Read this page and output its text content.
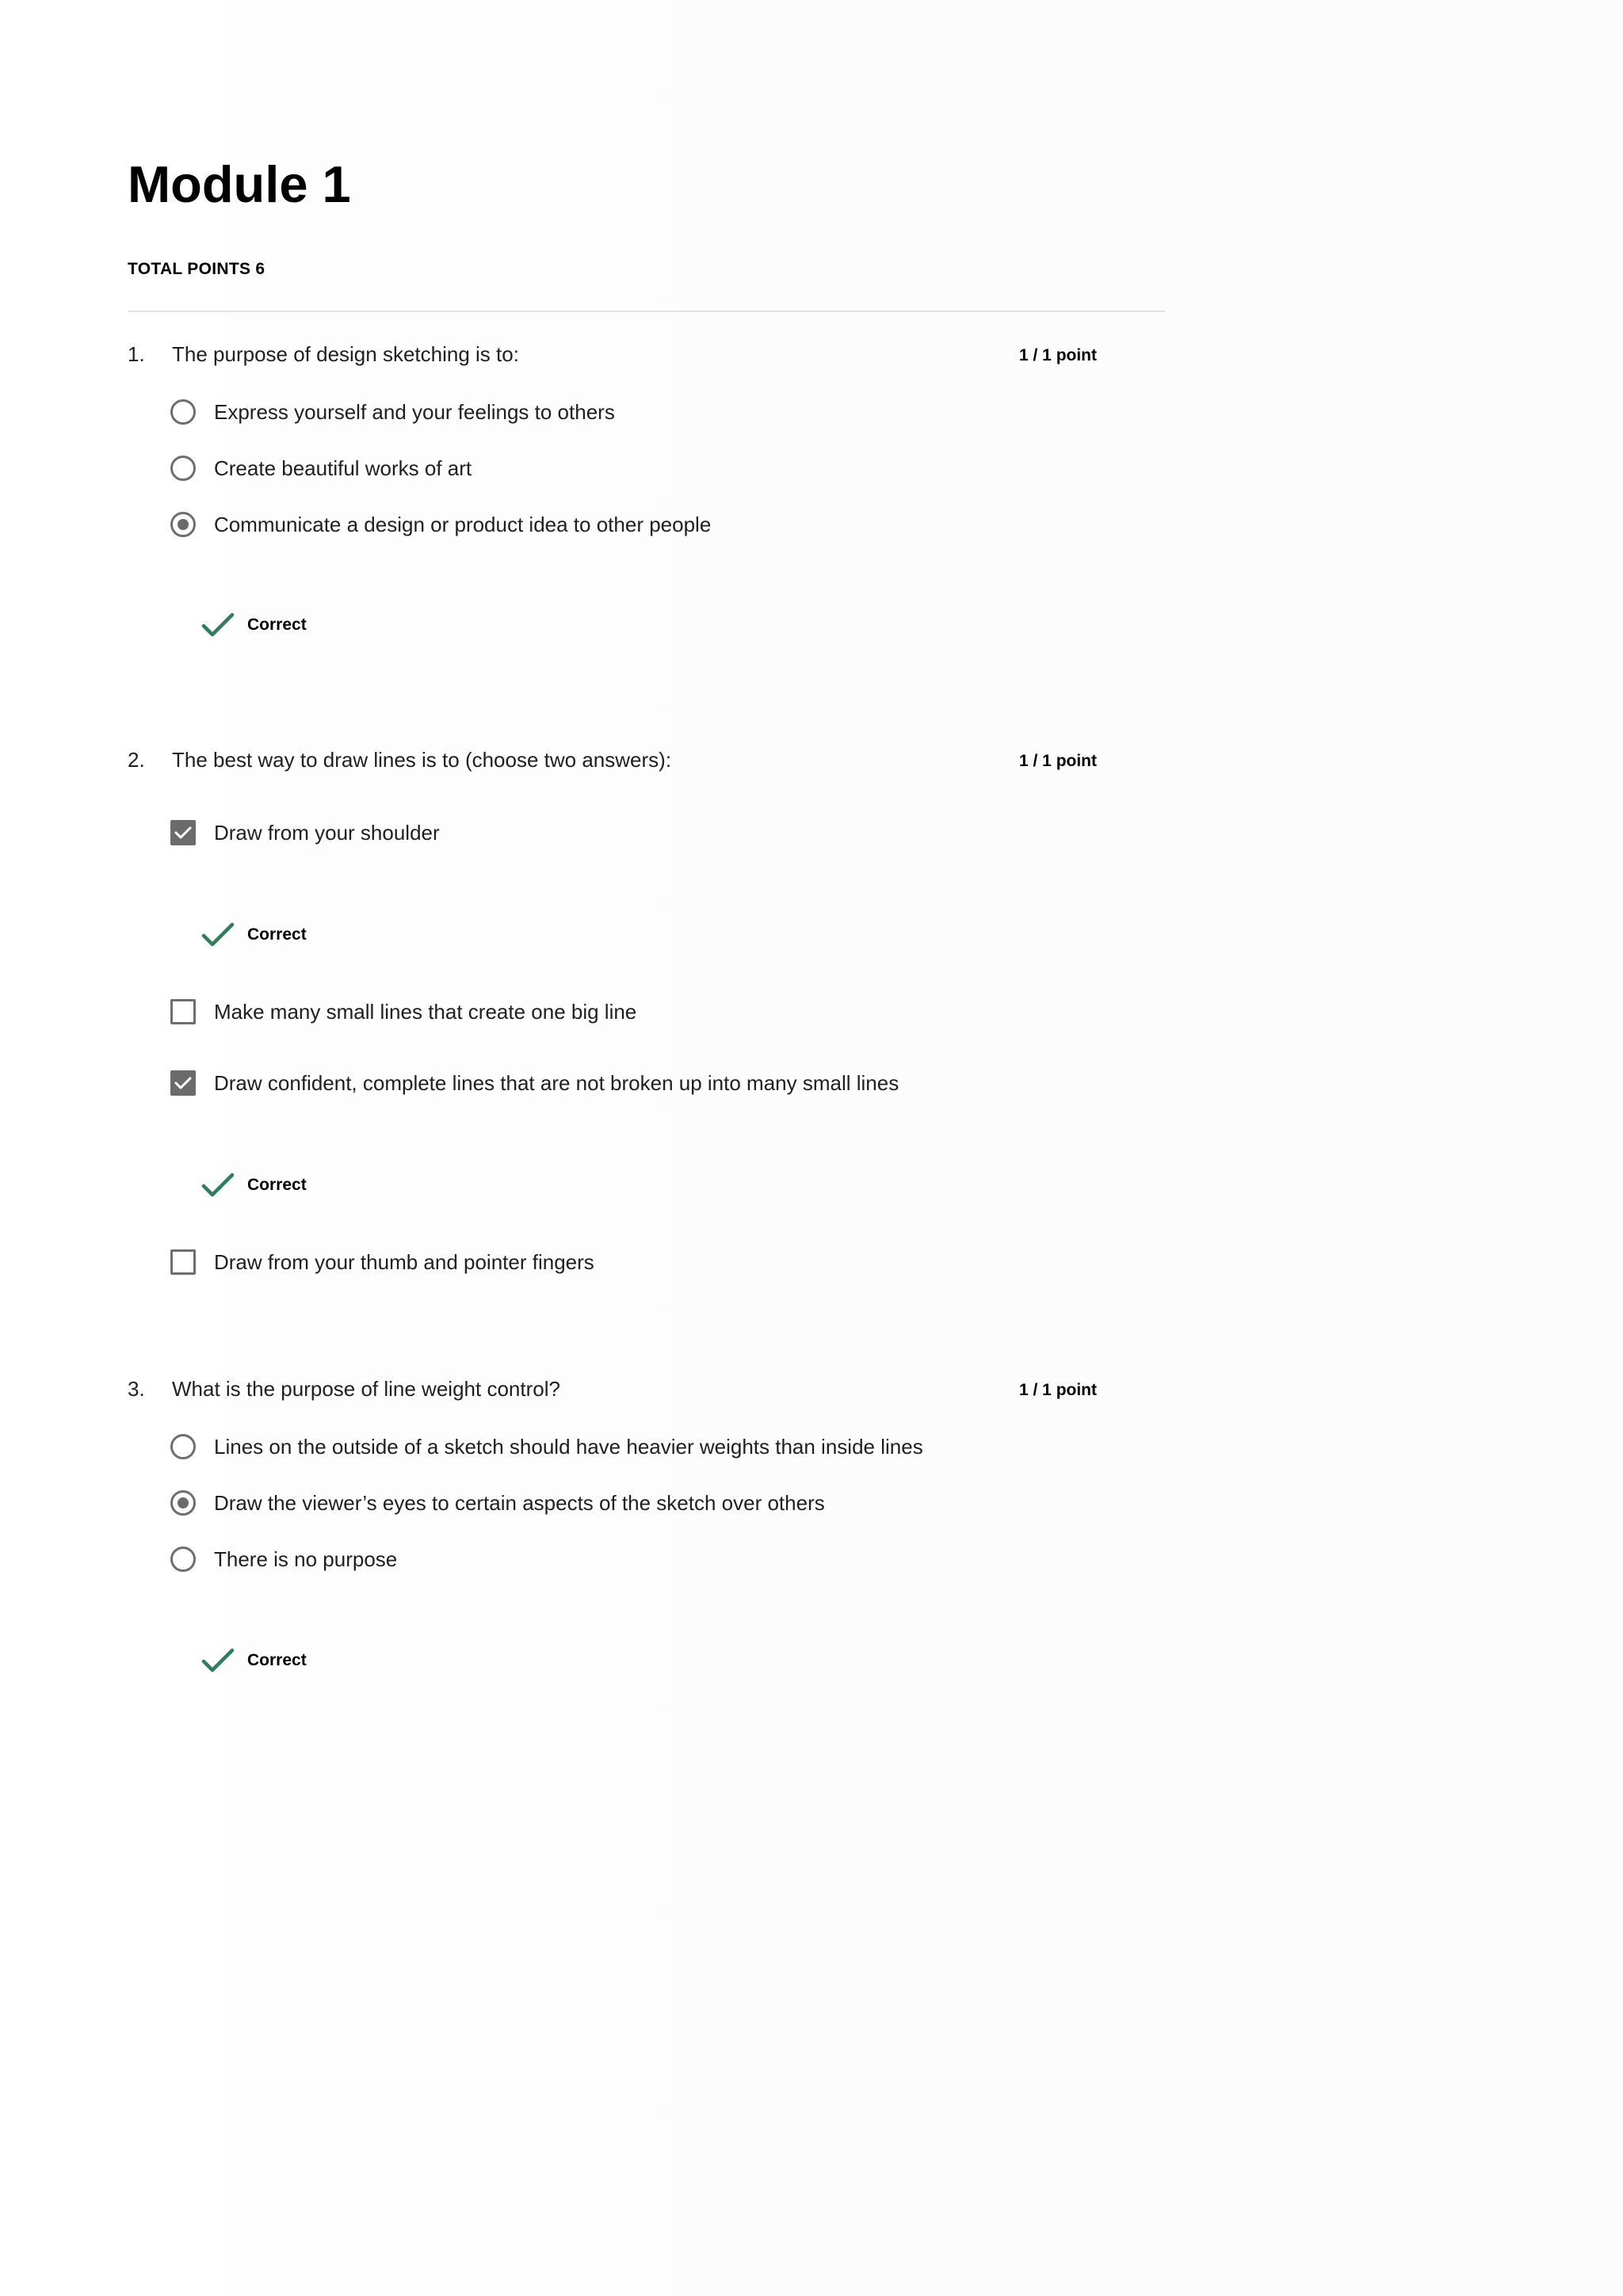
Module 1
TOTAL POINTS 6
1. The purpose of design sketching is to:	1 / 1 point
Express yourself and your feelings to others
Create beautiful works of art
Communicate a design or product idea to other people
Correct
2. The best way to draw lines is to (choose two answers):	1 / 1 point
Draw from your shoulder
Correct
Make many small lines that create one big line
Draw confident, complete lines that are not broken up into many small lines
Correct
Draw from your thumb and pointer fingers
3. What is the purpose of line weight control?	1 / 1 point
Lines on the outside of a sketch should have heavier weights than inside lines
Draw the viewer’s eyes to certain aspects of the sketch over others
There is no purpose
Correct
